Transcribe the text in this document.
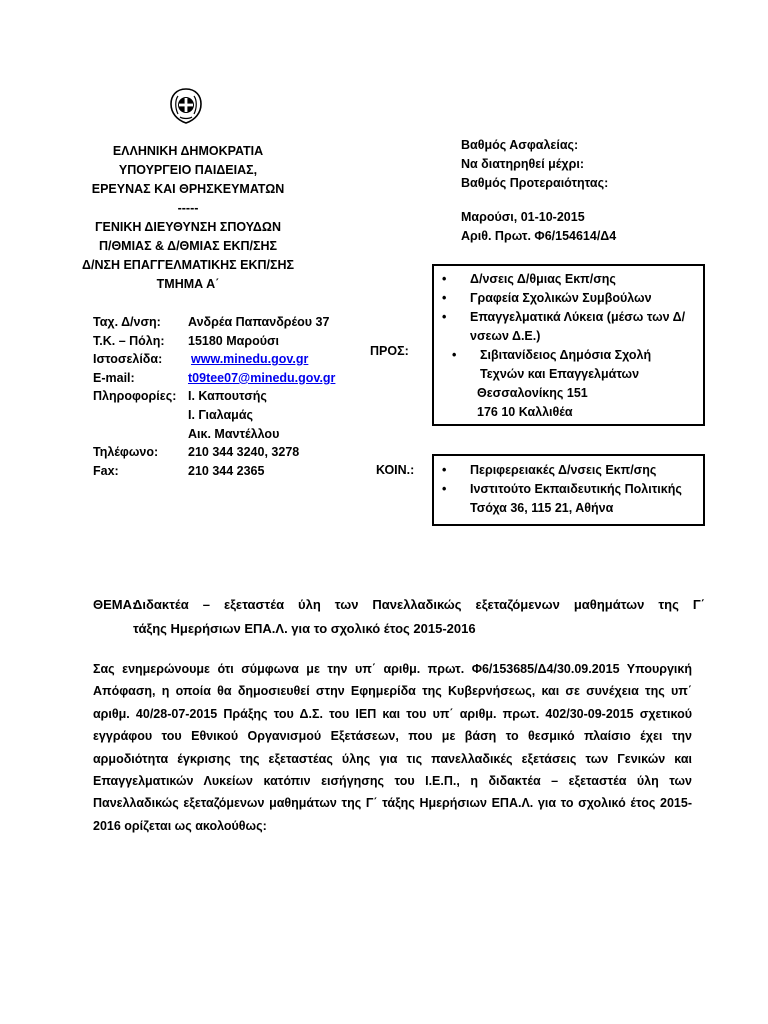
ΕΛΛΗΝΙΚΗ ΔΗΜΟΚΡΑΤΙΑ
ΥΠΟΥΡΓΕΙΟ ΠΑΙΔΕΙΑΣ,
ΕΡΕΥΝΑΣ ΚΑΙ ΘΡΗΣΚΕΥΜΑΤΩΝ
-----
ΓΕΝΙΚΗ ΔΙΕΥΘΥΝΣΗ ΣΠΟΥΔΩΝ
Π/ΘΜΙΑΣ & Δ/ΘΜΙΑΣ ΕΚΠ/ΣΗΣ
Δ/ΝΣΗ ΕΠΑΓΓΕΛΜΑΤΙΚΗΣ ΕΚΠ/ΣΗΣ
ΤΜΗΜΑ Α΄
Βαθμός Ασφαλείας:
Να διατηρηθεί μέχρι:
Βαθμός Προτεραιότητας:
Μαρούσι, 01-10-2015
Αριθ. Πρωτ. Φ6/154614/Δ4
Ταχ. Δ/νση: Ανδρέα Παπανδρέου 37
Τ.Κ. – Πόλη: 15180 Μαρούσι
Ιστοσελίδα: www.minedu.gov.gr
E-mail:	t09tee07@minedu.gov.gr
Πληροφορίες: Ι. Καπουτσής
Ι. Γιαλαμάς
Αικ. Μαντέλλου
Τηλέφωνο: 210 344 3240, 3278
Fax:	210 344 2365
ΠΡΟΣ:
• Δ/νσεις Δ/θμιας Εκπ/σης
• Γραφεία Σχολικών Συμβούλων
• Επαγγελματικά Λύκεια (μέσω των Δ/νσεων Δ.Ε.)
• Σιβιτανίδειος Δημόσια Σχολή Τεχνών και Επαγγελμάτων
Θεσσαλονίκης 151
176 10 Καλλιθέα
ΚΟΙΝ.: • Περιφερειακές Δ/νσεις Εκπ/σης
• Ινστιτούτο Εκπαιδευτικής Πολιτικής Τσόχα 36, 115 21, Αθήνα
ΘΕΜΑ:
Διδακτέα – εξεταστέα ύλη των Πανελλαδικώς εξεταζόμενων μαθημάτων της Γ΄
τάξης Ημερήσιων ΕΠΑ.Λ. για το σχολικό έτος 2015-2016
Σας ενημερώνουμε ότι σύμφωνα με την υπ΄ αριθμ. πρωτ. Φ6/153685/Δ4/30.09.2015 Υπουργική Απόφαση, η οποία θα δημοσιευθεί στην Εφημερίδα της Κυβερνήσεως, και σε συνέχεια της υπ΄ αριθμ. 40/28-07-2015 Πράξης του Δ.Σ. του ΙΕΠ και του υπ΄ αριθμ. πρωτ. 402/30-09-2015 σχετικού εγγράφου του Εθνικού Οργανισμού Εξετάσεων, που με βάση το θεσμικό πλαίσιο έχει την αρμοδιότητα έγκρισης της εξεταστέας ύλης για τις πανελλαδικές εξετάσεις των Γενικών και Επαγγελματικών Λυκείων κατόπιν εισήγησης του Ι.Ε.Π., η διδακτέα – εξεταστέα ύλη των Πανελλαδικώς εξεταζόμενων μαθημάτων της Γ΄ τάξης Ημερήσιων ΕΠΑ.Λ. για το σχολικό έτος 2015-2016 ορίζεται ως ακολούθως:
